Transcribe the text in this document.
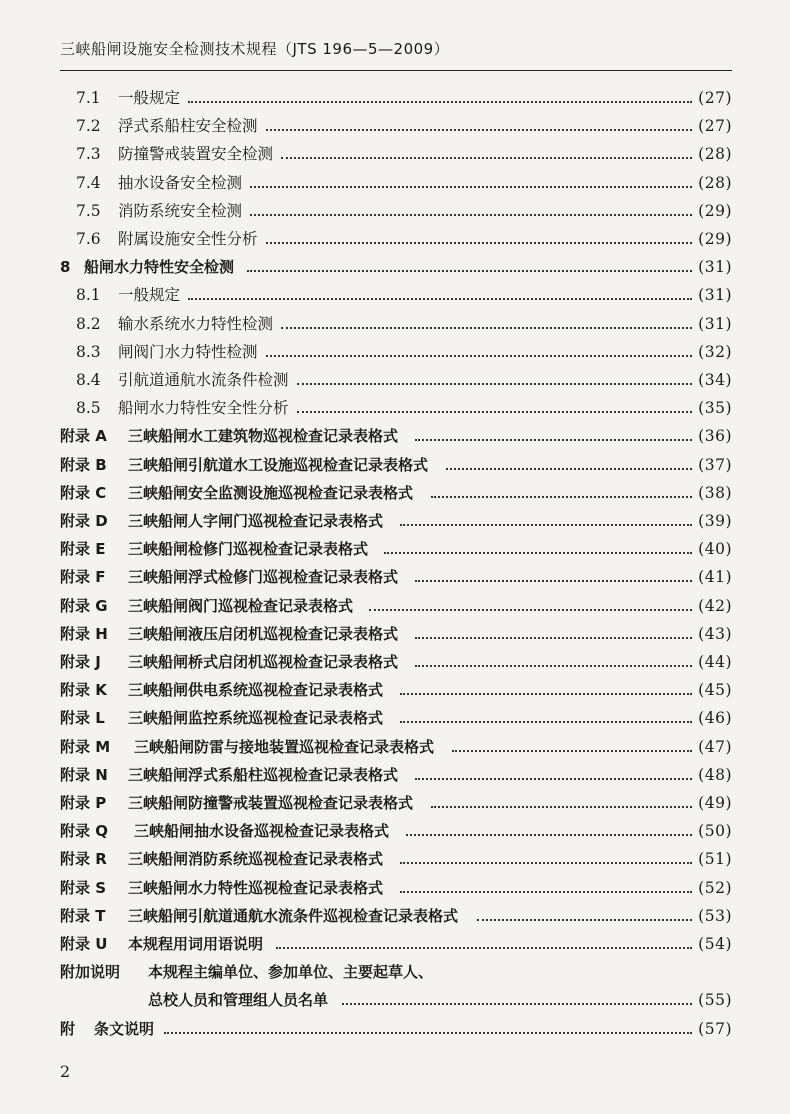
三峡船闸设施安全检测技术规程（JTS 196—5—2009）
7.1 一般规定	(27)
7.2 浮式系船柱安全检测	(27)
7.3 防撞警戒装置安全检测	(28)
7.4 抽水设备安全检测	(28)
7.5 消防系统安全检测	(29)
7.6 附属设施安全性分析	(29)
8 船闸水力特性安全检测	(31)
8.1 一般规定	(31)
8.2 输水系统水力特性检测	(31)
8.3 闸阀门水力特性检测	(32)
8.4 引航道通航水流条件检测	(34)
8.5 船闸水力特性安全性分析	(35)
附录 A 三峡船闸水工建筑物巡视检查记录表格式	(36)
附录 B 三峡船闸引航道水工设施巡视检查记录表格式	(37)
附录 C 三峡船闸安全监测设施巡视检查记录表格式	(38)
附录 D 三峡船闸人字闸门巡视检查记录表格式	(39)
附录 E 三峡船闸检修门巡视检查记录表格式	(40)
附录 F 三峡船闸浮式检修门巡视检查记录表格式	(41)
附录 G 三峡船闸阀门巡视检查记录表格式	(42)
附录 H 三峡船闸液压启闭机巡视检查记录表格式	(43)
附录 J 三峡船闸桥式启闭机巡视检查记录表格式	(44)
附录 K 三峡船闸供电系统巡视检查记录表格式	(45)
附录 L 三峡船闸监控系统巡视检查记录表格式	(46)
附录 M 三峡船闸防雷与接地装置巡视检查记录表格式	(47)
附录 N 三峡船闸浮式系船柱巡视检查记录表格式	(48)
附录 P 三峡船闸防撞警戒装置巡视检查记录表格式	(49)
附录 Q 三峡船闸抽水设备巡视检查记录表格式	(50)
附录 R 三峡船闸消防系统巡视检查记录表格式	(51)
附录 S 三峡船闸水力特性巡视检查记录表格式	(52)
附录 T 三峡船闸引航道通航水流条件巡视检查记录表格式	(53)
附录 U 本规程用词用语说明	(54)
附加说明 本规程主编单位、参加单位、主要起草人、
总校人员和管理组人员名单	(55)
附 条文说明	(57)
2
